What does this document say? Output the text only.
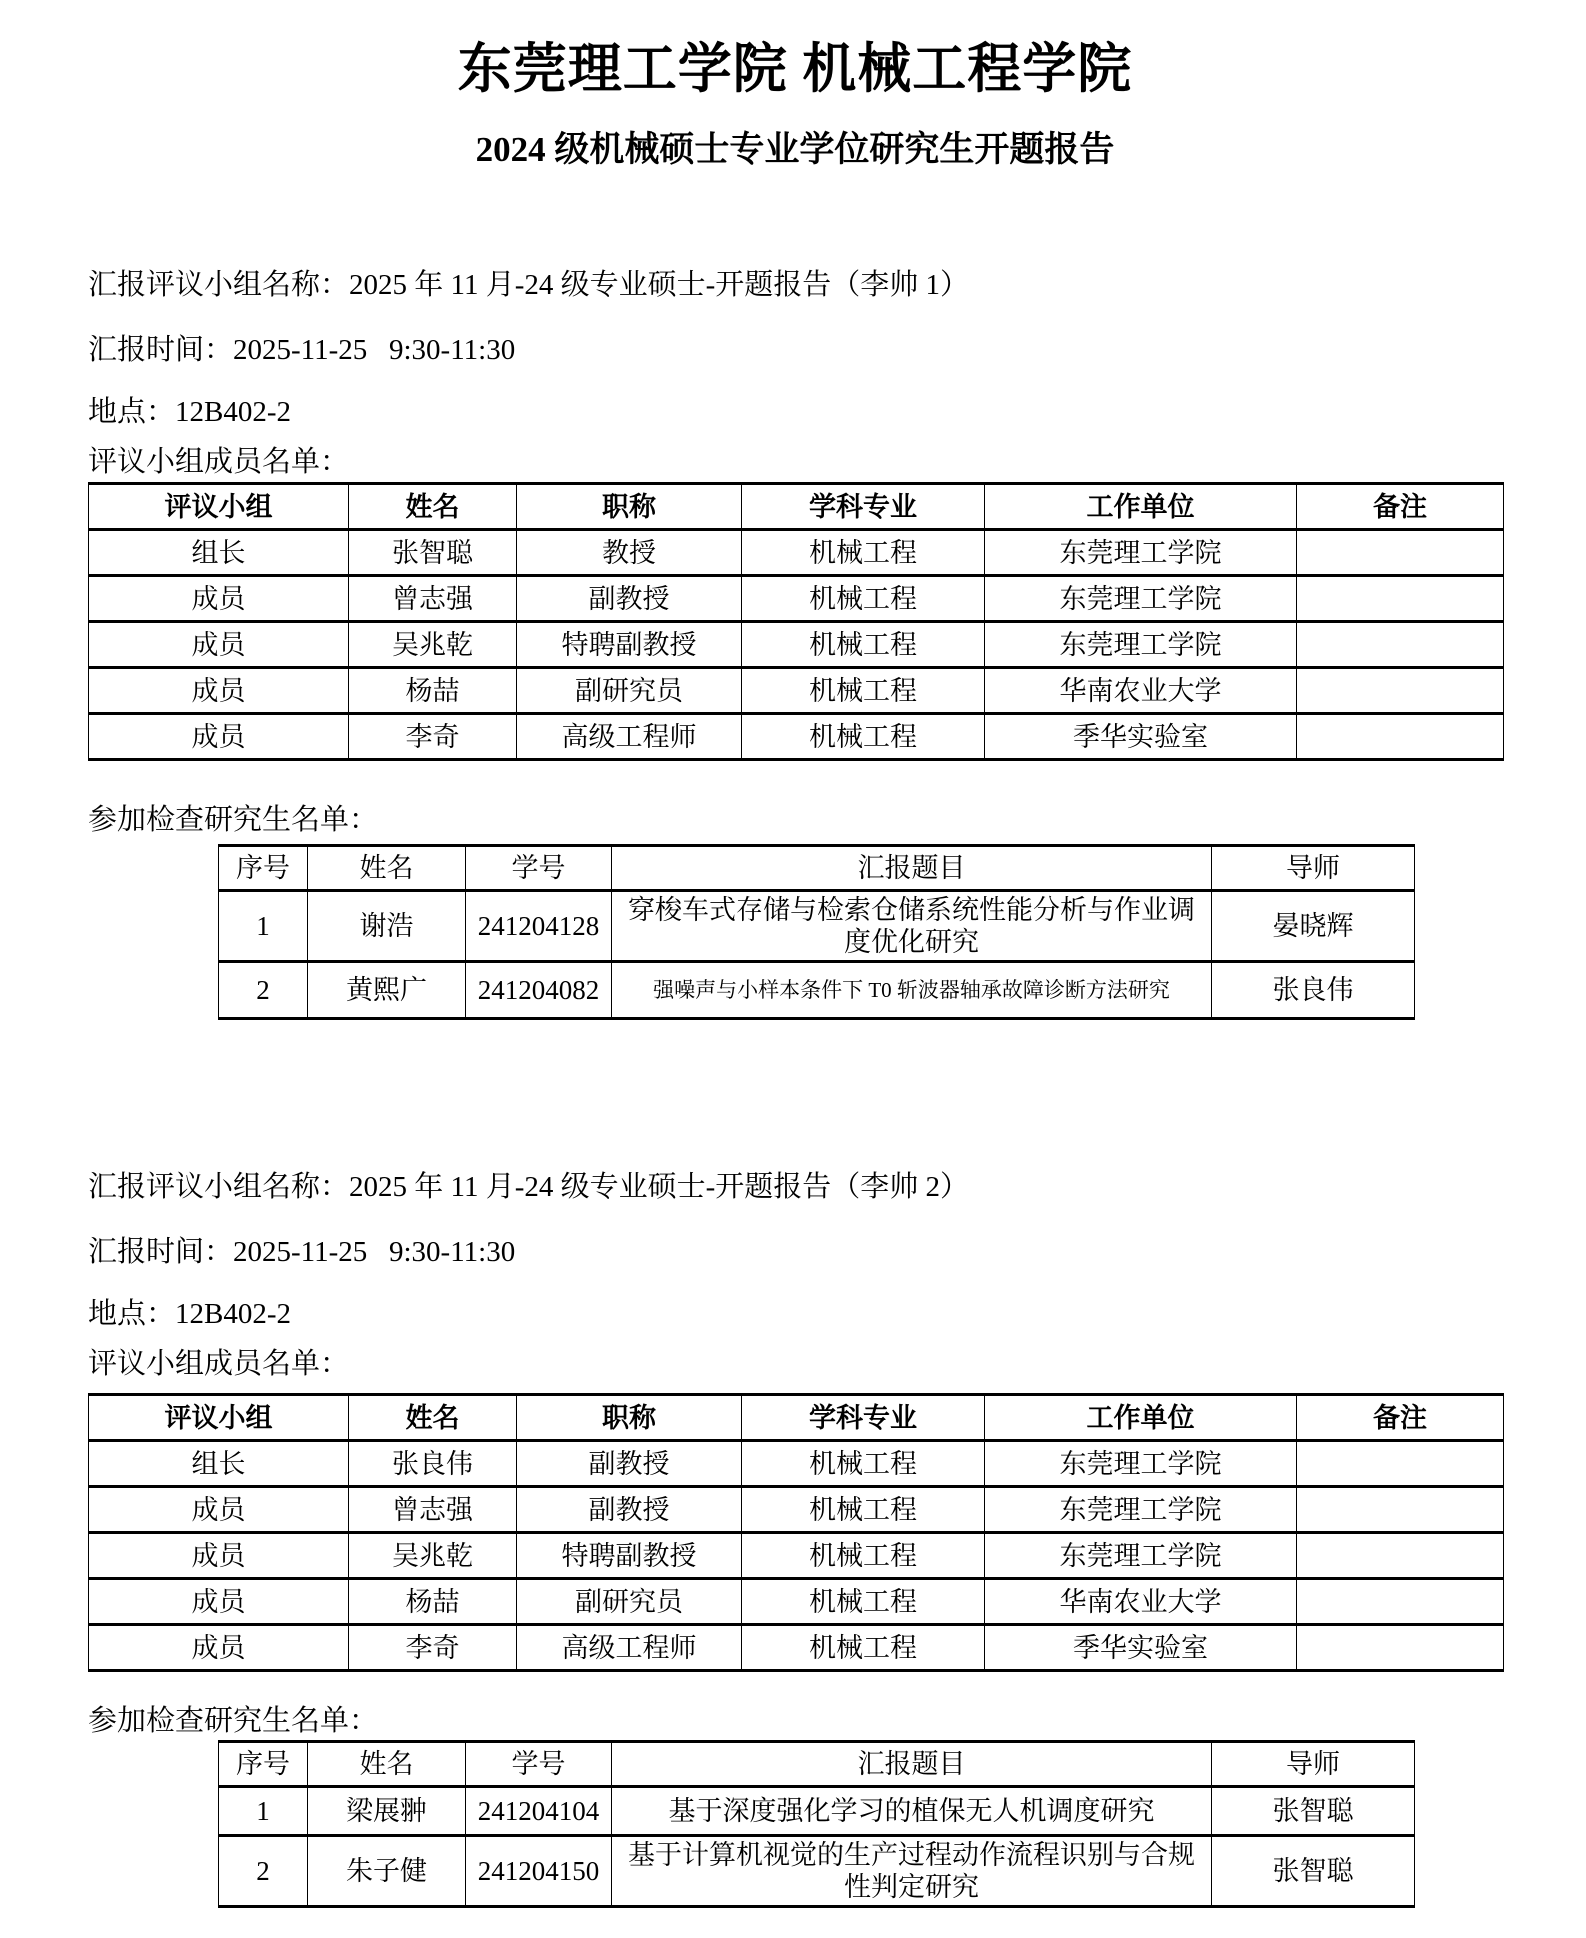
东莞理工学院 机械工程学院
2024 级机械硕士专业学位研究生开题报告

汇报评议小组名称：2025 年 11 月-24 级专业硕士-开题报告（李帅 1）

汇报时间：2025-11-25   9:30-11:30

地点：12B402-2

评议小组成员名单：

评议小组	姓名	职称	学科专业	工作单位	备注
组长	张智聪	教授	机械工程	东莞理工学院	
成员	曾志强	副教授	机械工程	东莞理工学院	
成员	吴兆乾	特聘副教授	机械工程	东莞理工学院	
成员	杨喆	副研究员	机械工程	华南农业大学	
成员	李奇	高级工程师	机械工程	季华实验室	

参加检查研究生名单：

序号	姓名	学号	汇报题目	导师
1	谢浩	241204128	穿梭车式存储与检索仓储系统性能分析与作业调度优化研究	晏晓辉
2	黄熙广	241204082	强噪声与小样本条件下 T0 斩波器轴承故障诊断方法研究	张良伟

汇报评议小组名称：2025 年 11 月-24 级专业硕士-开题报告（李帅 2）

汇报时间：2025-11-25   9:30-11:30

地点：12B402-2

评议小组成员名单：

评议小组	姓名	职称	学科专业	工作单位	备注
组长	张良伟	副教授	机械工程	东莞理工学院	
成员	曾志强	副教授	机械工程	东莞理工学院	
成员	吴兆乾	特聘副教授	机械工程	东莞理工学院	
成员	杨喆	副研究员	机械工程	华南农业大学	
成员	李奇	高级工程师	机械工程	季华实验室	

参加检查研究生名单：

序号	姓名	学号	汇报题目	导师
1	梁展翀	241204104	基于深度强化学习的植保无人机调度研究	张智聪
2	朱子健	241204150	基于计算机视觉的生产过程动作流程识别与合规性判定研究	张智聪
